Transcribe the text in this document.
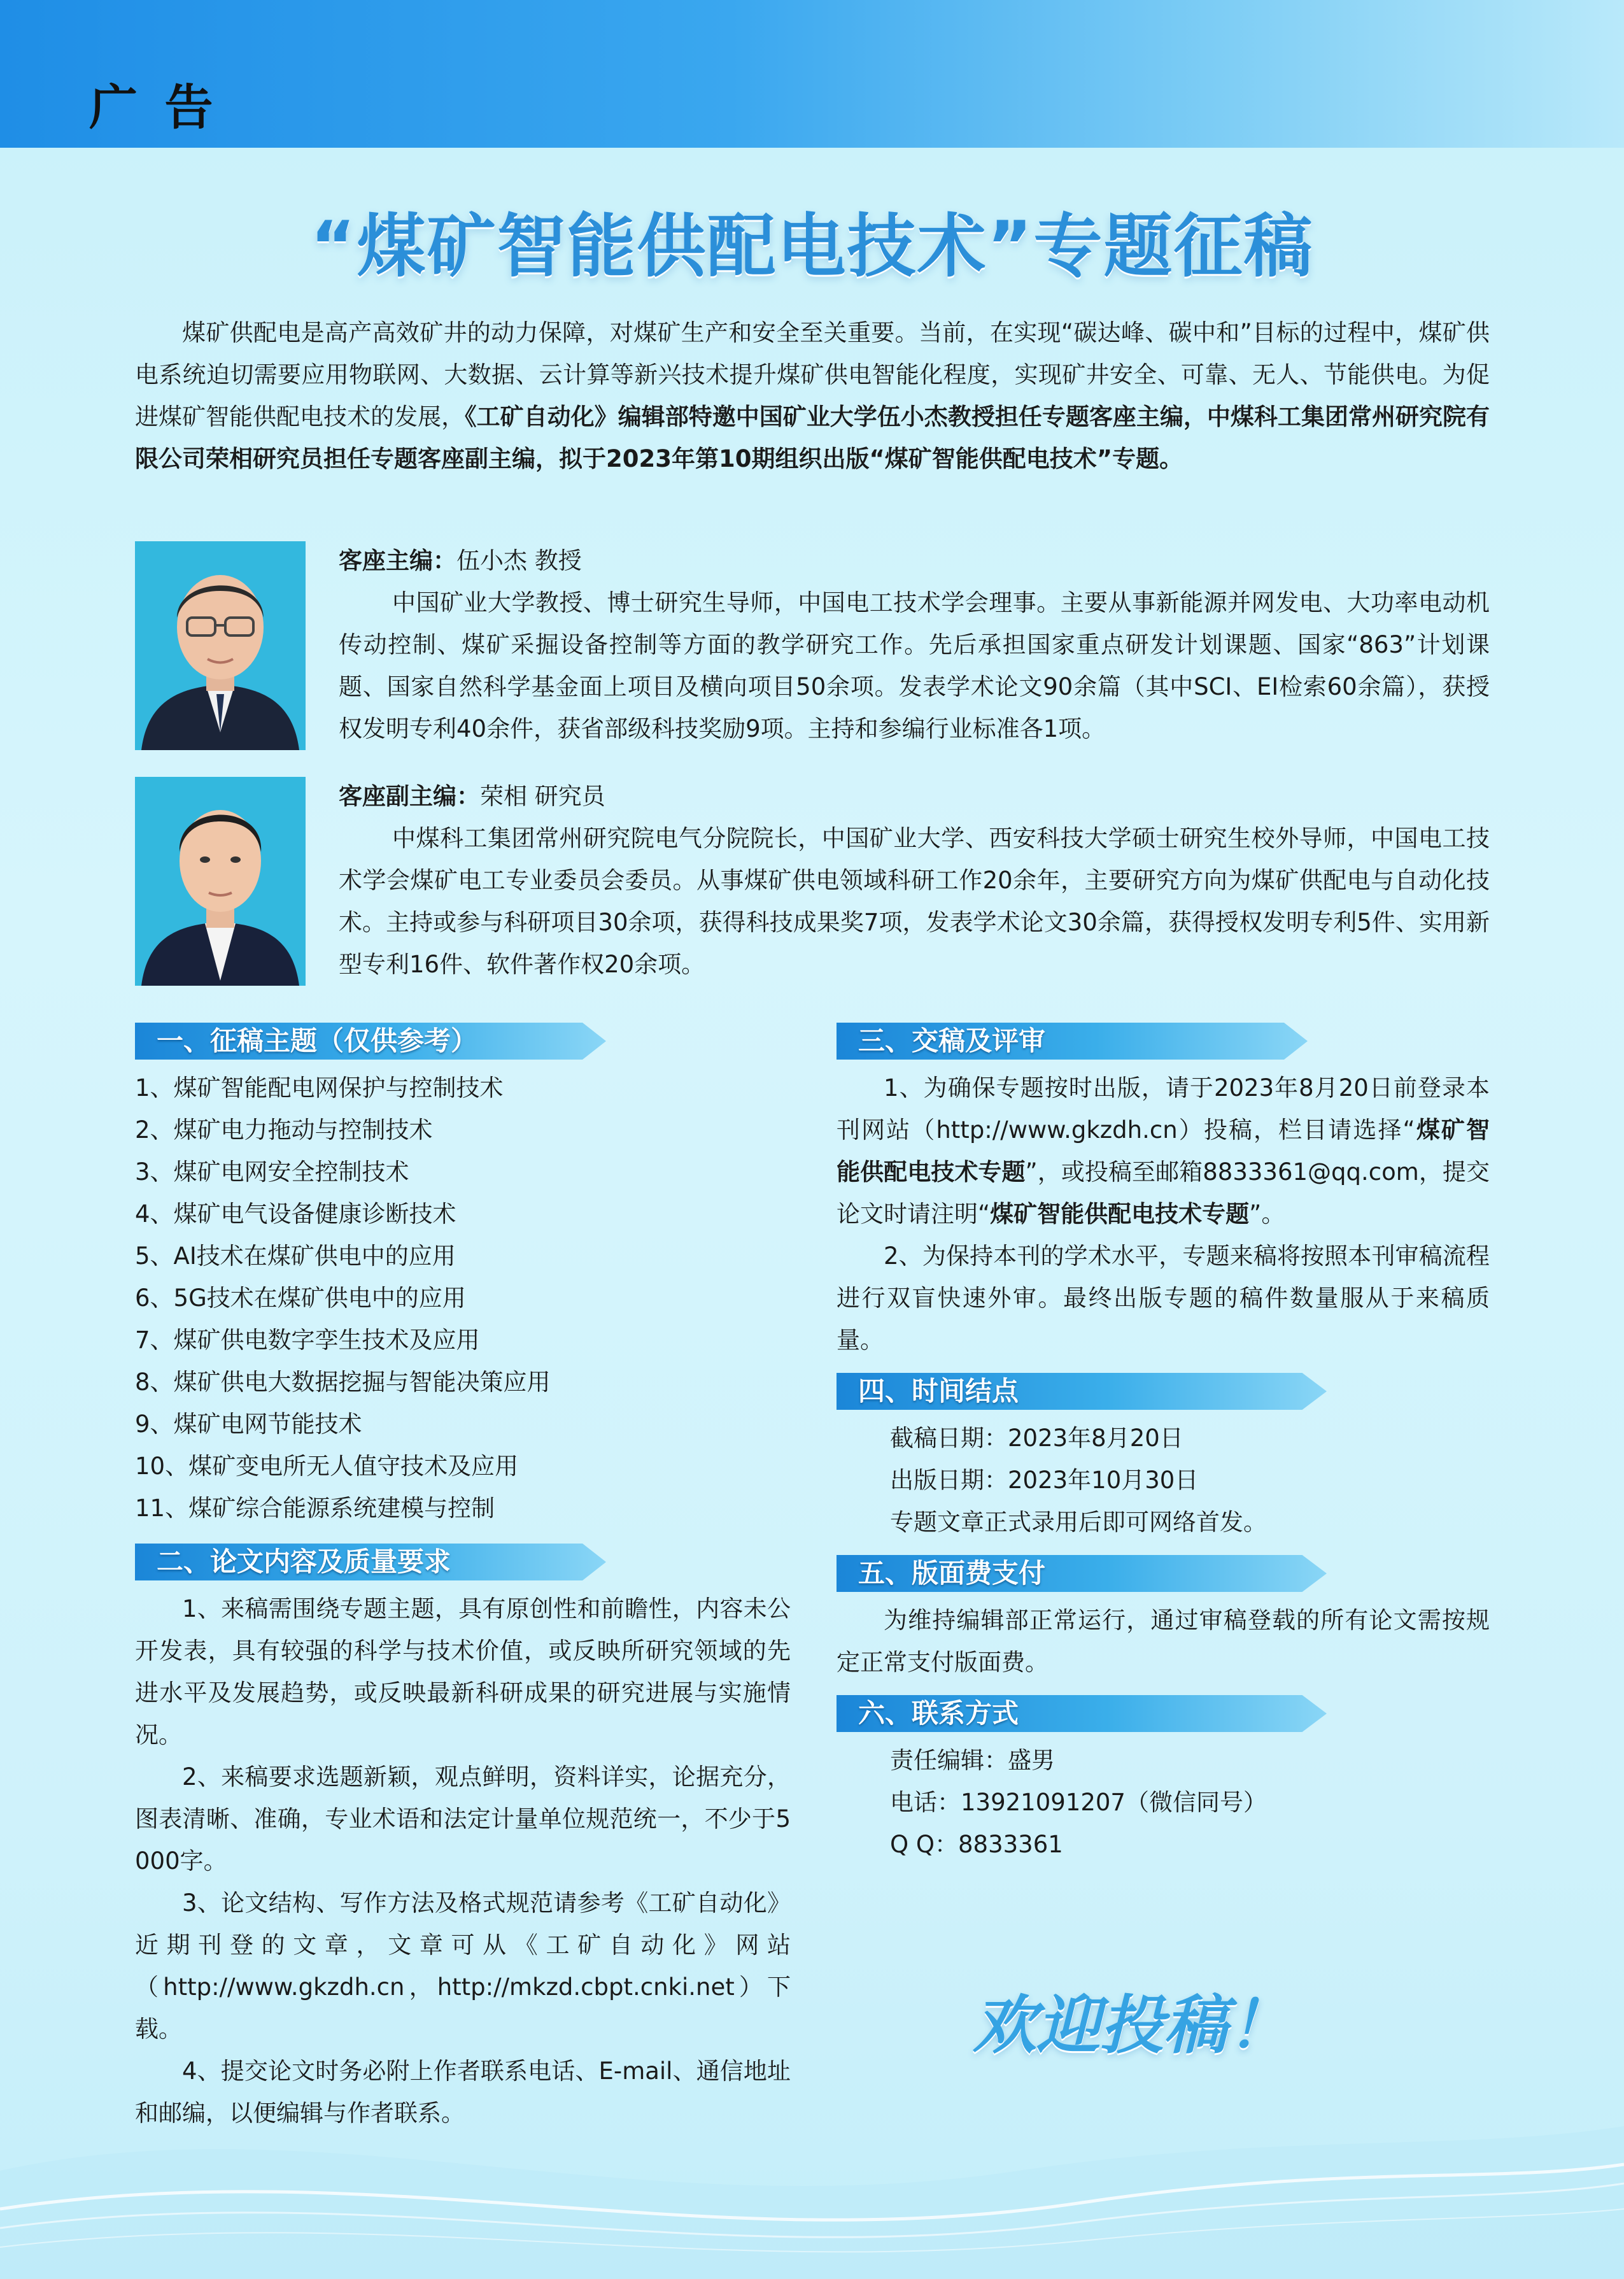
广 告
“煤矿智能供配电技术”专题征稿

煤矿供配电是高产高效矿井的动力保障，对煤矿生产和安全至关重要。当前，在实现“碳达峰、碳中和”目标的过程中，煤矿供电系统迫切需要应用物联网、大数据、云计算等新兴技术提升煤矿供电智能化程度，实现矿井安全、可靠、无人、节能供电。为促进煤矿智能供配电技术的发展，《工矿自动化》编辑部特邀中国矿业大学伍小杰教授担任专题客座主编，中煤科工集团常州研究院有限公司荣相研究员担任专题客座副主编，拟于2023年第10期组织出版“煤矿智能供配电技术”专题。

客座主编：伍小杰 教授

中国矿业大学教授、博士研究生导师，中国电工技术学会理事。主要从事新能源并网发电、大功率电动机传动控制、煤矿采掘设备控制等方面的教学研究工作。先后承担国家重点研发计划课题、国家“863”计划课题、国家自然科学基金面上项目及横向项目50余项。发表学术论文90余篇（其中SCI、EI检索60余篇），获授权发明专利40余件，获省部级科技奖励9项。主持和参编行业标准各1项。

客座副主编：荣相 研究员

中煤科工集团常州研究院电气分院院长，中国矿业大学、西安科技大学硕士研究生校外导师，中国电工技术学会煤矿电工专业委员会委员。从事煤矿供电领域科研工作20余年，主要研究方向为煤矿供配电与自动化技术。主持或参与科研项目30余项，获得科技成果奖7项，发表学术论文30余篇，获得授权发明专利5件、实用新型专利16件、软件著作权20余项。

一、征稿主题（仅供参考）
1、煤矿智能配电网保护与控制技术
2、煤矿电力拖动与控制技术
3、煤矿电网安全控制技术
4、煤矿电气设备健康诊断技术
5、AI技术在煤矿供电中的应用
6、5G技术在煤矿供电中的应用
7、煤矿供电数字孪生技术及应用
8、煤矿供电大数据挖掘与智能决策应用
9、煤矿电网节能技术
10、煤矿变电所无人值守技术及应用
11、煤矿综合能源系统建模与控制
二、论文内容及质量要求

1、来稿需围绕专题主题，具有原创性和前瞻性，内容未公开发表，具有较强的科学与技术价值，或反映所研究领域的先进水平及发展趋势，或反映最新科研成果的研究进展与实施情况。

2、来稿要求选题新颖，观点鲜明，资料详实，论据充分，图表清晰、准确，专业术语和法定计量单位规范统一，不少于5 000字。

3、论文结构、写作方法及格式规范请参考《工矿自动化》近期刊登的文章，文章可从《工矿自动化》网站（http://www.gkzdh.cn，http://mkzd.cbpt.cnki.net）下载。

4、提交论文时务必附上作者联系电话、E-mail、通信地址和邮编，以便编辑与作者联系。

三、交稿及评审

1、为确保专题按时出版，请于2023年8月20日前登录本刊网站（http://www.gkzdh.cn）投稿，栏目请选择“煤矿智能供配电技术专题”，或投稿至邮箱8833361@qq.com，提交论文时请注明“煤矿智能供配电技术专题”。

2、为保持本刊的学术水平，专题来稿将按照本刊审稿流程进行双盲快速外审。最终出版专题的稿件数量服从于来稿质量。

四、时间结点
截稿日期：2023年8月20日
出版日期：2023年10月30日
专题文章正式录用后即可网络首发。
五、版面费支付

为维持编辑部正常运行，通过审稿登载的所有论文需按规定正常支付版面费。

六、联系方式
责任编辑：盛男
电话：13921091207（微信同号）
Q Q：8833361
欢迎投稿！
